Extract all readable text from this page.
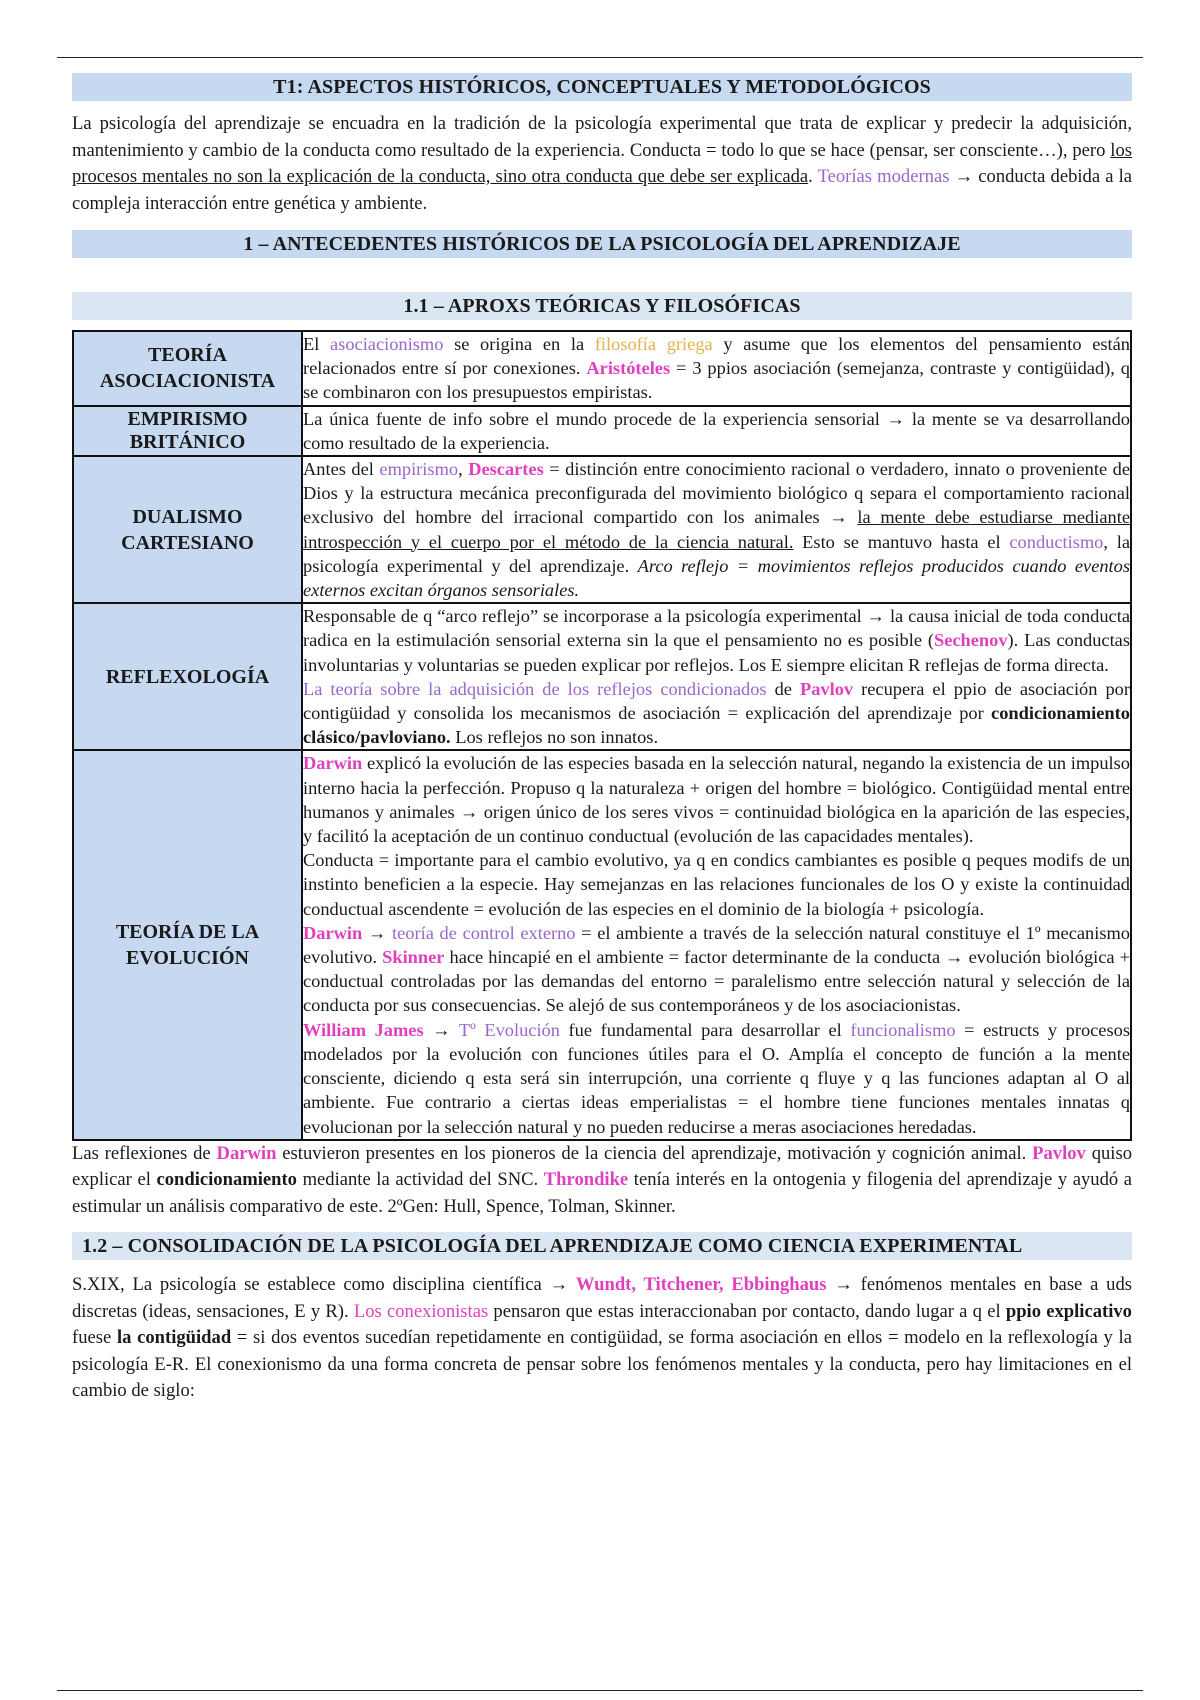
T1: ASPECTOS HISTÓRICOS, CONCEPTUALES Y METODOLÓGICOS

La psicología del aprendizaje se encuadra en la tradición de la psicología experimental que trata de explicar y predecir la adquisición, mantenimiento y cambio de la conducta como resultado de la experiencia. Conducta = todo lo que se hace (pensar, ser consciente…), pero los procesos mentales no son la explicación de la conducta, sino otra conducta que debe ser explicada. Teorías modernas → conducta debida a la compleja interacción entre genética y ambiente.

1 – ANTECEDENTES HISTÓRICOS DE LA PSICOLOGÍA DEL APRENDIZAJE
1.1 – APROXS TEÓRICAS Y FILOSÓFICAS
TEORÍA ASOCIACIONISTA	El asociacionismo se origina en la filosofía griega y asume que los elementos del pensamiento están relacionados entre sí por conexiones. Aristóteles = 3 ppios asociación (semejanza, contraste y contigüidad), q se combinaron con los presupuestos empiristas.
EMPIRISMO BRITÁNICO	La única fuente de info sobre el mundo procede de la experiencia sensorial → la mente se va desarrollando como resultado de la experiencia.
DUALISMO CARTESIANO	Antes del empirismo, Descartes = distinción entre conocimiento racional o verdadero, innato o proveniente de Dios y la estructura mecánica preconfigurada del movimiento biológico q separa el comportamiento racional exclusivo del hombre del irracional compartido con los animales → la mente debe estudiarse mediante introspección y el cuerpo por el método de la ciencia natural. Esto se mantuvo hasta el conductismo, la psicología experimental y del aprendizaje. Arco reflejo = movimientos reflejos producidos cuando eventos externos excitan órganos sensoriales.
REFLEXOLOGÍA	Responsable de q “arco reflejo” se incorporase a la psicología experimental → la causa inicial de toda conducta radica en la estimulación sensorial externa sin la que el pensamiento no es posible (Sechenov). Las conductas involuntarias y voluntarias se pueden explicar por reflejos. Los E siempre elicitan R reflejas de forma directa.
La teoría sobre la adquisición de los reflejos condicionados de Pavlov recupera el ppio de asociación por contigüidad y consolida los mecanismos de asociación = explicación del aprendizaje por condicionamiento clásico/pavloviano. Los reflejos no son innatos.

TEORÍA DE LA EVOLUCIÓN	Darwin explicó la evolución de las especies basada en la selección natural, negando la existencia de un impulso interno hacia la perfección. Propuso q la naturaleza + origen del hombre = biológico. Contigüidad mental entre humanos y animales → origen único de los seres vivos = continuidad biológica en la aparición de las especies, y facilitó la aceptación de un continuo conductual (evolución de las capacidades mentales).
Conducta = importante para el cambio evolutivo, ya q en condics cambiantes es posible q peques modifs de un instinto beneficien a la especie. Hay semejanzas en las relaciones funcionales de los O y existe la continuidad conductual ascendente = evolución de las especies en el dominio de la biología + psicología.
Darwin → teoría de control externo = el ambiente a través de la selección natural constituye el 1º mecanismo evolutivo. Skinner hace hincapié en el ambiente = factor determinante de la conducta → evolución biológica + conductual controladas por las demandas del entorno = paralelismo entre selección natural y selección de la conducta por sus consecuencias. Se alejó de sus contemporáneos y de los asociacionistas.
William James → Tº Evolución fue fundamental para desarrollar el funcionalismo = estructs y procesos modelados por la evolución con funciones útiles para el O. Amplía el concepto de función a la mente consciente, diciendo q esta será sin interrupción, una corriente q fluye y q las funciones adaptan al O al ambiente. Fue contrario a ciertas ideas emperialistas = el hombre tiene funciones mentales innatas q evolucionan por la selección natural y no pueden reducirse a meras asociaciones heredadas.

Las reflexiones de Darwin estuvieron presentes en los pioneros de la ciencia del aprendizaje, motivación y cognición animal. Pavlov quiso explicar el condicionamiento mediante la actividad del SNC. Throndike tenía interés en la ontogenia y filogenia del aprendizaje y ayudó a estimular un análisis comparativo de este. 2ºGen: Hull, Spence, Tolman, Skinner.

1.2 – CONSOLIDACIÓN DE LA PSICOLOGÍA DEL APRENDIZAJE COMO CIENCIA EXPERIMENTAL

S.XIX, La psicología se establece como disciplina científica → Wundt, Titchener, Ebbinghaus → fenómenos mentales en base a uds discretas (ideas, sensaciones, E y R). Los conexionistas pensaron que estas interaccionaban por contacto, dando lugar a q el ppio explicativo fuese la contigüidad = si dos eventos sucedían repetidamente en contigüidad, se forma asociación en ellos = modelo en la reflexología y la psicología E-R. El conexionismo da una forma concreta de pensar sobre los fenómenos mentales y la conducta, pero hay limitaciones en el cambio de siglo:
